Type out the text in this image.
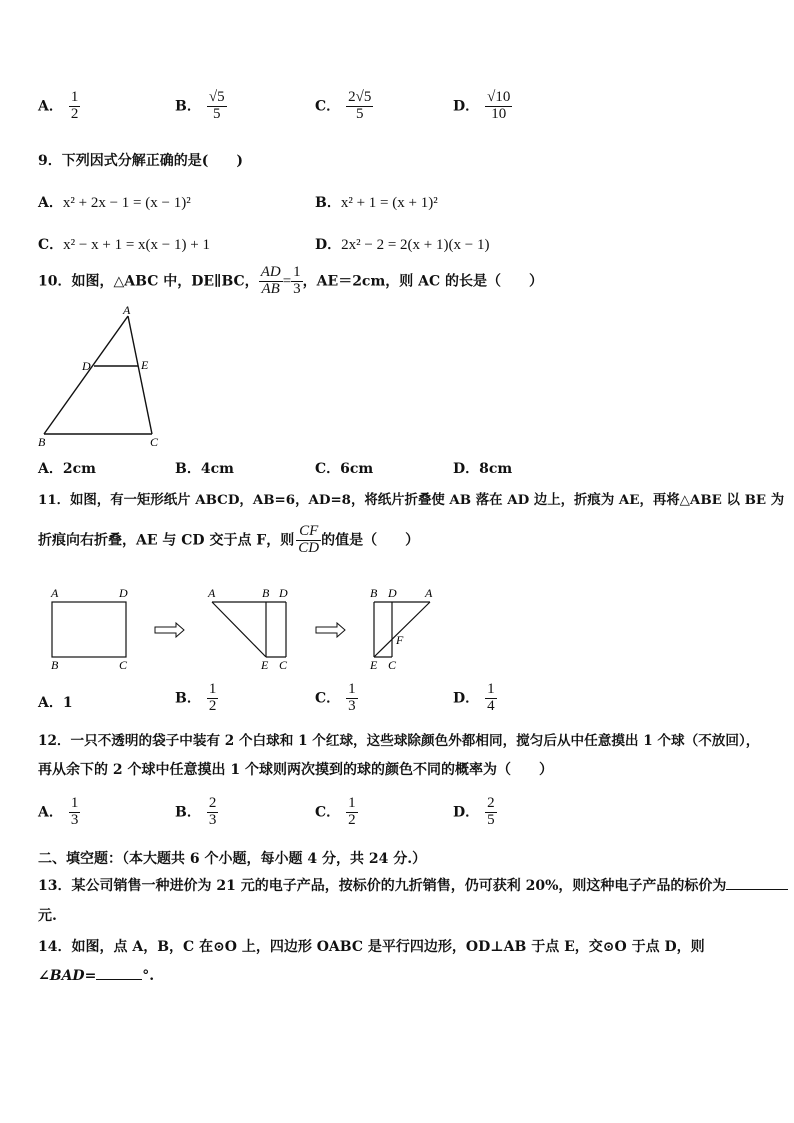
A． $\frac{1}{2}$	B． $\frac{√5}{5}$	C． $\frac{2√5}{5}$	D． $\frac{√10}{10}$
9．下列因式分解正确的是(　　)
A．x² + 2x − 1 = (x − 1)²	B．x² + 1 = (x + 1)²
C．x² − x + 1 = x(x − 1) + 1	D．2x² − 2 = 2(x + 1)(x − 1)
10．如图，△ABC 中，DE∥BC， $\frac{AD}{AB} = \frac{1}{3}$ ，AE＝2cm，则 AC 的长是（　　）
A
D	E
B	C
A．2cm	B．4cm	C．6cm	D．8cm
11．如图，有一矩形纸片 ABCD，AB=6，AD=8，将纸片折叠使 AB 落在 AD 边上，折痕为 AE，再将△ABE 以 BE 为
折痕向右折叠，AE 与 CD 交于点 F，则 $\frac{CF}{CD}$ 的值是（　　）
A	D
B	C
A	B D
E C
B D A
F
E C
A．1	B． $\frac{1}{2}$	C． $\frac{1}{3}$	D． $\frac{1}{4}$
12．一只不透明的袋子中装有 2 个白球和 1 个红球，这些球除颜色外都相同，搅匀后从中任意摸出 1 个球（不放回），
再从余下的 2 个球中任意摸出 1 个球则两次摸到的球的颜色不同的概率为（　　）
A． $\frac{1}{3}$	B． $\frac{2}{3}$	C． $\frac{1}{2}$	D． $\frac{2}{5}$
二、填空题：（本大题共 6 个小题，每小题 4 分，共 24 分.）
13．某公司销售一种进价为 21 元的电子产品，按标价的九折销售，仍可获利 20%，则这种电子产品的标价为
元.
14．如图，点 A，B，C 在⊙O 上，四边形 OABC 是平行四边形，OD⊥AB 于点 E，交⊙O 于点 D，则
∠BAD=	°.
